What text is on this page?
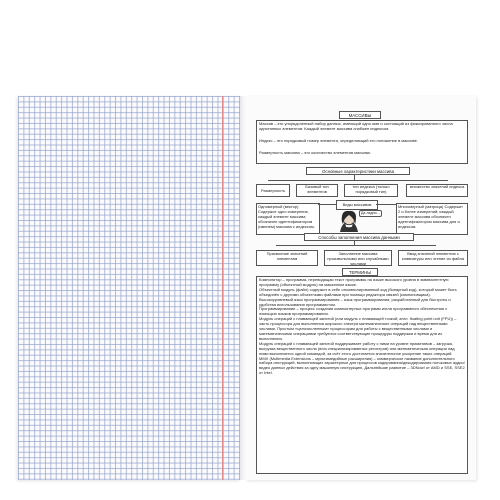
МАССИВЫ
Массив – это упорядоченный набор данных, имеющий одно имя и состоящий из фиксированного числа однотипных элементов. Каждый элемент массива снабжен индексом.
Индекс – это порядковый номер элемента, определяющий его положение в массиве.
Размерность массива – это количество элементов массива.
Основные характеристики массива
Размерность
Базовый тип элементов
тип индекса (только порядковый тип)
множество значений индекса
Одномерный (вектор) Содержит одно измерение, каждый элемент массива обозначен идентификатором (именем) массива с индексом.
Виды массивов
Да ладно...
Многомерный (матрица) Содержит 2 и более измерений; каждый элемент массива обозначен идентификатором массива для и индексов.
Способы заполнения массива данными
Присвоение значений элементам
Заполнение массива произвольными или случайными числами
Ввод значений элементов с клавиатуры или чтение из файла
ТЕРМИНЫ

Компилятор – программа, переводящая текст программы на языке высокого уровня в эквивалентную программу (объектный модуль) на машинном языке.

Объектный модуль (файл) содержит в себе откомпилированный код (бинарный код), который может быть объединён с другими объектными файлами при помощи редактора связей (компоновщика).

Высокоуровневый язык программирования – язык программирования, разработанный для быстроты и удобства использования программистом.

Программирование – процесс создания компьютерных программ и/или программного обеспечения с помощью языков программирования.

Модуль операций с плавающей запятой (или модуль с плавающей точкой; англ. floating point unit (FPU)) – часть процессора для выполнения широкого спектра математических операций над вещественными числами. Простым «целочисленным» процессорам для работы с вещественными числами и математическими операциями требуются соответствующие процедуры поддержки и время для их выполнения.

Модуль операций с плавающей запятой поддерживает работу с ними на уровне примитивов – загрузка, выгрузка вещественного числа (в/из специализированных регистров) или математическая операция над ними выполняется одной командой, за счёт этого достигается значительное ускорение таких операций.

MMX (Multimedia Extensions – мультимедийные расширения) – коммерческое название дополнительного набора инструкций, выполняющих характерные для процессов кодирования/декодирования потоковых аудио/видео данных действия за одну машинную инструкцию. Дальнейшие развитие – 3DNow! от AMD и SSE, SSE2 от Intel.
